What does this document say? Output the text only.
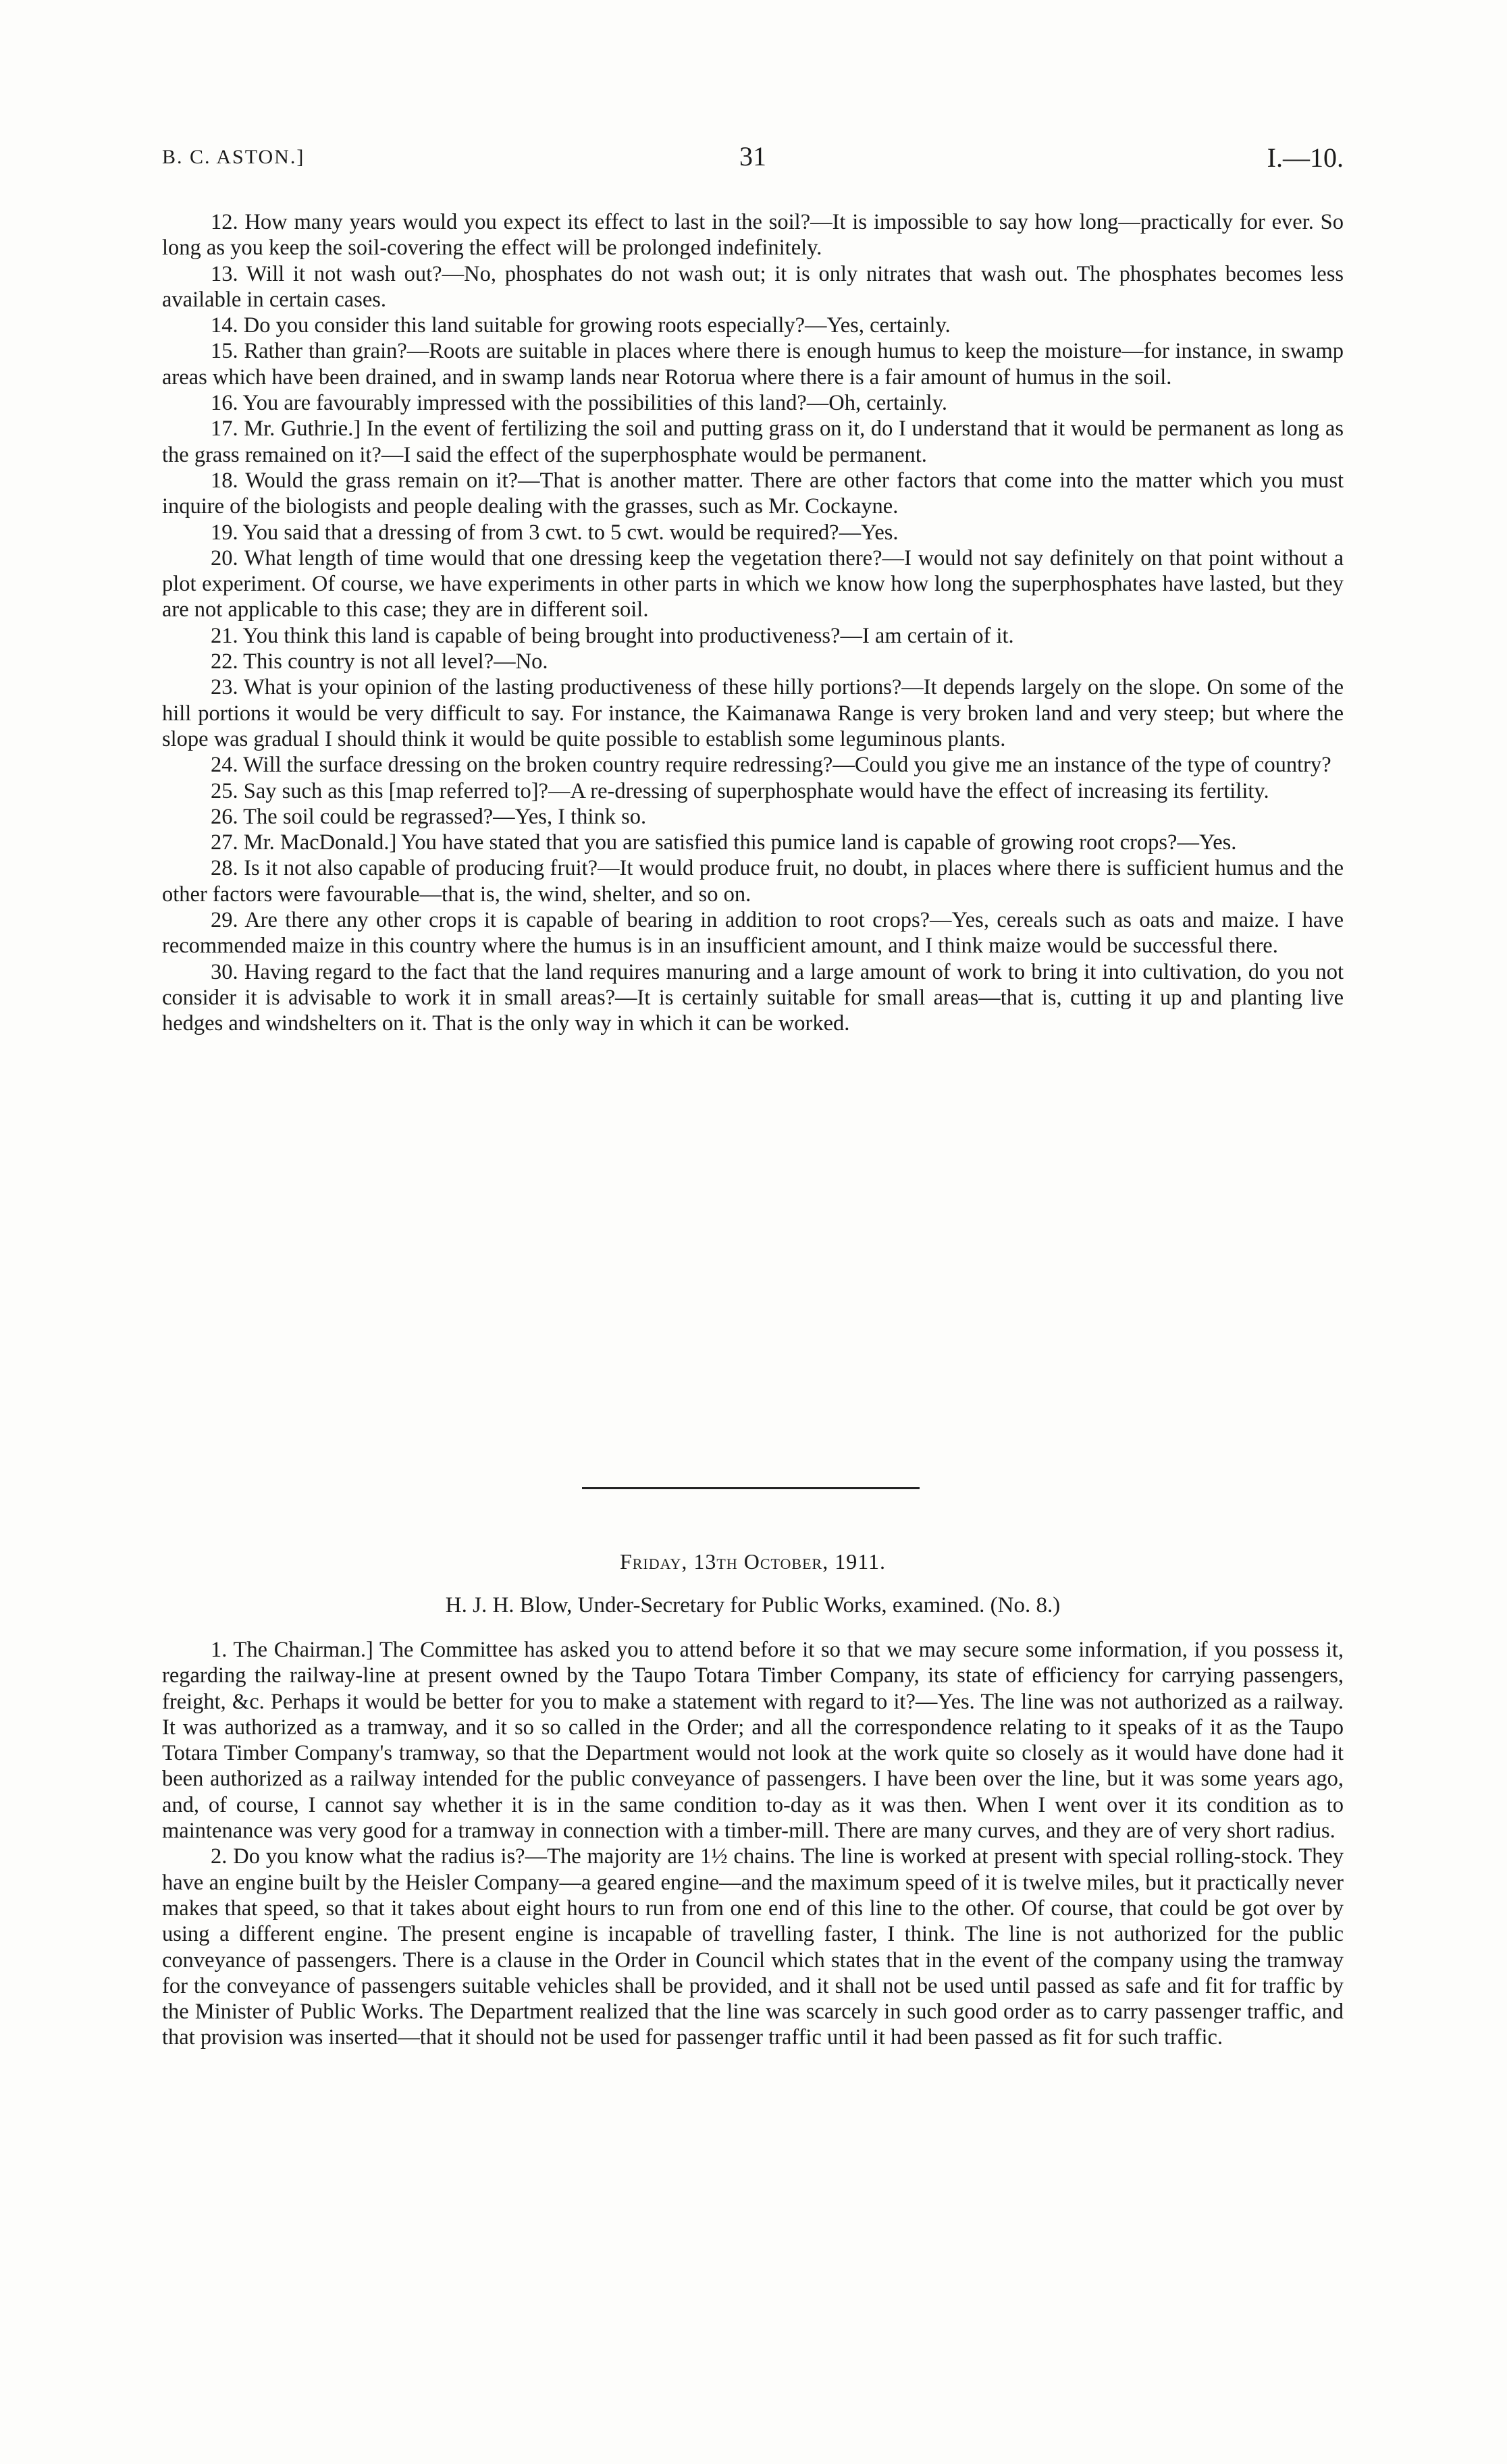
B. C. ASTON.]	31	I.—10.

12. How many years would you expect its effect to last in the soil?—It is impossible to say how long—practically for ever. So long as you keep the soil-covering the effect will be prolonged indefinitely.

13. Will it not wash out?—No, phosphates do not wash out; it is only nitrates that wash out. The phosphates becomes less available in certain cases.

14. Do you consider this land suitable for growing roots especially?—Yes, certainly.

15. Rather than grain?—Roots are suitable in places where there is enough humus to keep the moisture—for instance, in swamp areas which have been drained, and in swamp lands near Rotorua where there is a fair amount of humus in the soil.

16. You are favourably impressed with the possibilities of this land?—Oh, certainly.

17. Mr. Guthrie.] In the event of fertilizing the soil and putting grass on it, do I understand that it would be permanent as long as the grass remained on it?—I said the effect of the superphosphate would be permanent.

18. Would the grass remain on it?—That is another matter. There are other factors that come into the matter which you must inquire of the biologists and people dealing with the grasses, such as Mr. Cockayne.

19. You said that a dressing of from 3 cwt. to 5 cwt. would be required?—Yes.

20. What length of time would that one dressing keep the vegetation there?—I would not say definitely on that point without a plot experiment. Of course, we have experiments in other parts in which we know how long the superphosphates have lasted, but they are not applicable to this case; they are in different soil.

21. You think this land is capable of being brought into productiveness?—I am certain of it.

22. This country is not all level?—No.

23. What is your opinion of the lasting productiveness of these hilly portions?—It depends largely on the slope. On some of the hill portions it would be very difficult to say. For instance, the Kaimanawa Range is very broken land and very steep; but where the slope was gradual I should think it would be quite possible to establish some leguminous plants.

24. Will the surface dressing on the broken country require redressing?—Could you give me an instance of the type of country?

25. Say such as this [map referred to]?—A re-dressing of superphosphate would have the effect of increasing its fertility.

26. The soil could be regrassed?—Yes, I think so.

27. Mr. MacDonald.] You have stated that you are satisfied this pumice land is capable of growing root crops?—Yes.

28. Is it not also capable of producing fruit?—It would produce fruit, no doubt, in places where there is sufficient humus and the other factors were favourable—that is, the wind, shelter, and so on.

29. Are there any other crops it is capable of bearing in addition to root crops?—Yes, cereals such as oats and maize. I have recommended maize in this country where the humus is in an insufficient amount, and I think maize would be successful there.

30. Having regard to the fact that the land requires manuring and a large amount of work to bring it into cultivation, do you not consider it is advisable to work it in small areas?—It is certainly suitable for small areas—that is, cutting it up and planting live hedges and windshelters on it. That is the only way in which it can be worked.

Friday, 13th October, 1911.
H. J. H. Blow, Under-Secretary for Public Works, examined. (No. 8.)

1. The Chairman.] The Committee has asked you to attend before it so that we may secure some information, if you possess it, regarding the railway-line at present owned by the Taupo Totara Timber Company, its state of efficiency for carrying passengers, freight, &c. Perhaps it would be better for you to make a statement with regard to it?—Yes. The line was not authorized as a railway. It was authorized as a tramway, and it so so called in the Order; and all the correspondence relating to it speaks of it as the Taupo Totara Timber Company's tramway, so that the Department would not look at the work quite so closely as it would have done had it been authorized as a railway intended for the public conveyance of passengers. I have been over the line, but it was some years ago, and, of course, I cannot say whether it is in the same condition to-day as it was then. When I went over it its condition as to maintenance was very good for a tramway in connection with a timber-mill. There are many curves, and they are of very short radius.

2. Do you know what the radius is?—The majority are 1½ chains. The line is worked at present with special rolling-stock. They have an engine built by the Heisler Company—a geared engine—and the maximum speed of it is twelve miles, but it practically never makes that speed, so that it takes about eight hours to run from one end of this line to the other. Of course, that could be got over by using a different engine. The present engine is incapable of travelling faster, I think. The line is not authorized for the public conveyance of passengers. There is a clause in the Order in Council which states that in the event of the company using the tramway for the conveyance of passengers suitable vehicles shall be provided, and it shall not be used until passed as safe and fit for traffic by the Minister of Public Works. The Department realized that the line was scarcely in such good order as to carry passenger traffic, and that provision was inserted—that it should not be used for passenger traffic until it had been passed as fit for such traffic.
